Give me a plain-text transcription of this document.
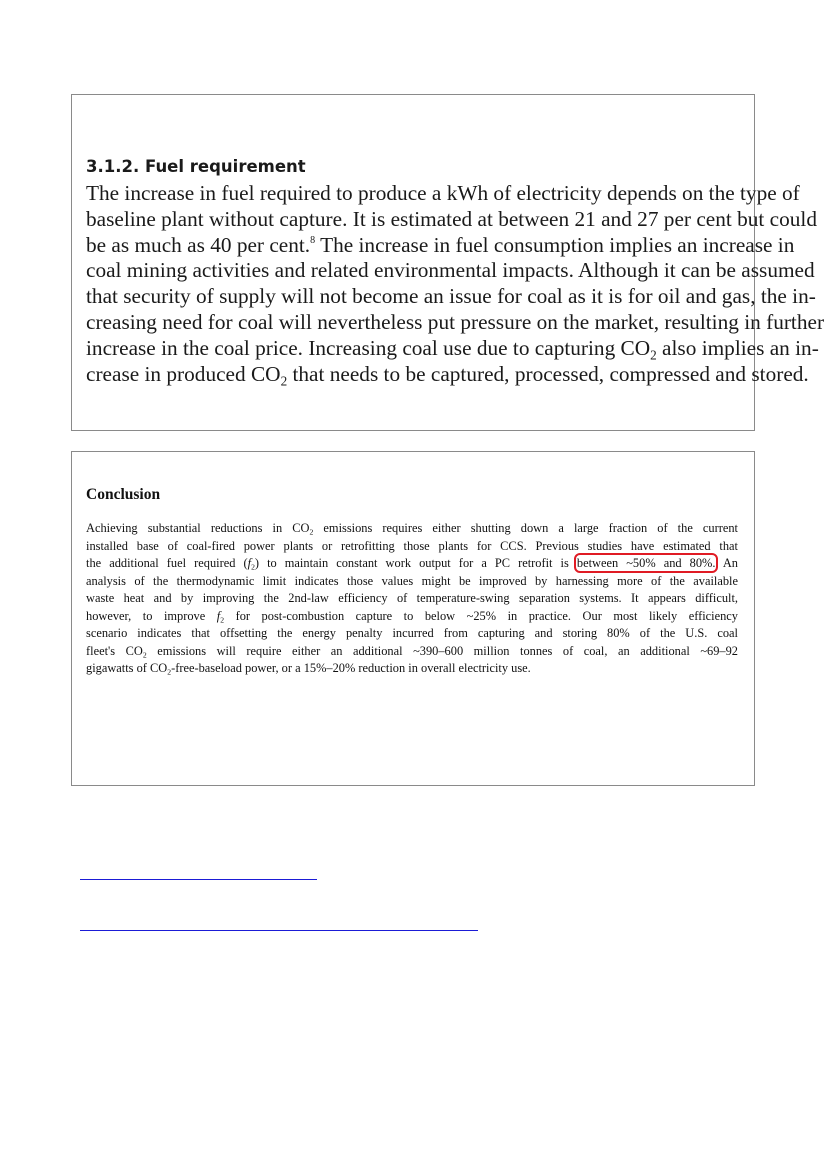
3.1.2. Fuel requirement

The increase in fuel required to produce a kWh of electricity depends on the type of
baseline plant without capture. It is estimated at between 21 and 27 per cent but could
be as much as 40 per cent.$^8$ The increase in fuel consumption implies an increase in
coal mining activities and related environmental impacts. Although it can be assumed
that security of supply will not become an issue for coal as it is for oil and gas, the in-
creasing need for coal will nevertheless put pressure on the market, resulting in further
increase in the coal price. Increasing coal use due to capturing $CO_2$ also implies an in-
crease in produced $CO_2$ that needs to be captured, processed, compressed and stored.

Conclusion

Achieving substantial reductions in $CO_2$ emissions requires either shutting down a large fraction of the current
installed base of coal-fired power plants or retrofitting those plants for CCS. Previous studies have estimated that
the additional fuel required $(f_2)$ to maintain constant work output for a PC retrofit is between ~50% and 80%. An
analysis of the thermodynamic limit indicates those values might be improved by harnessing more of the available
waste heat and by improving the 2nd-law efficiency of temperature-swing separation systems. It appears difficult,
however, to improve $f_2$ for post-combustion capture to below ~25% in practice. Our most likely efficiency
scenario indicates that offsetting the energy penalty incurred from capturing and storing 80% of the U.S. coal
fleet's $CO_2$ emissions will require either an additional ~390–600 million tonnes of coal, an additional ~69–92
gigawatts of $CO_2-free$-baseload power, or a 15%–20% reduction in overall electricity use.
